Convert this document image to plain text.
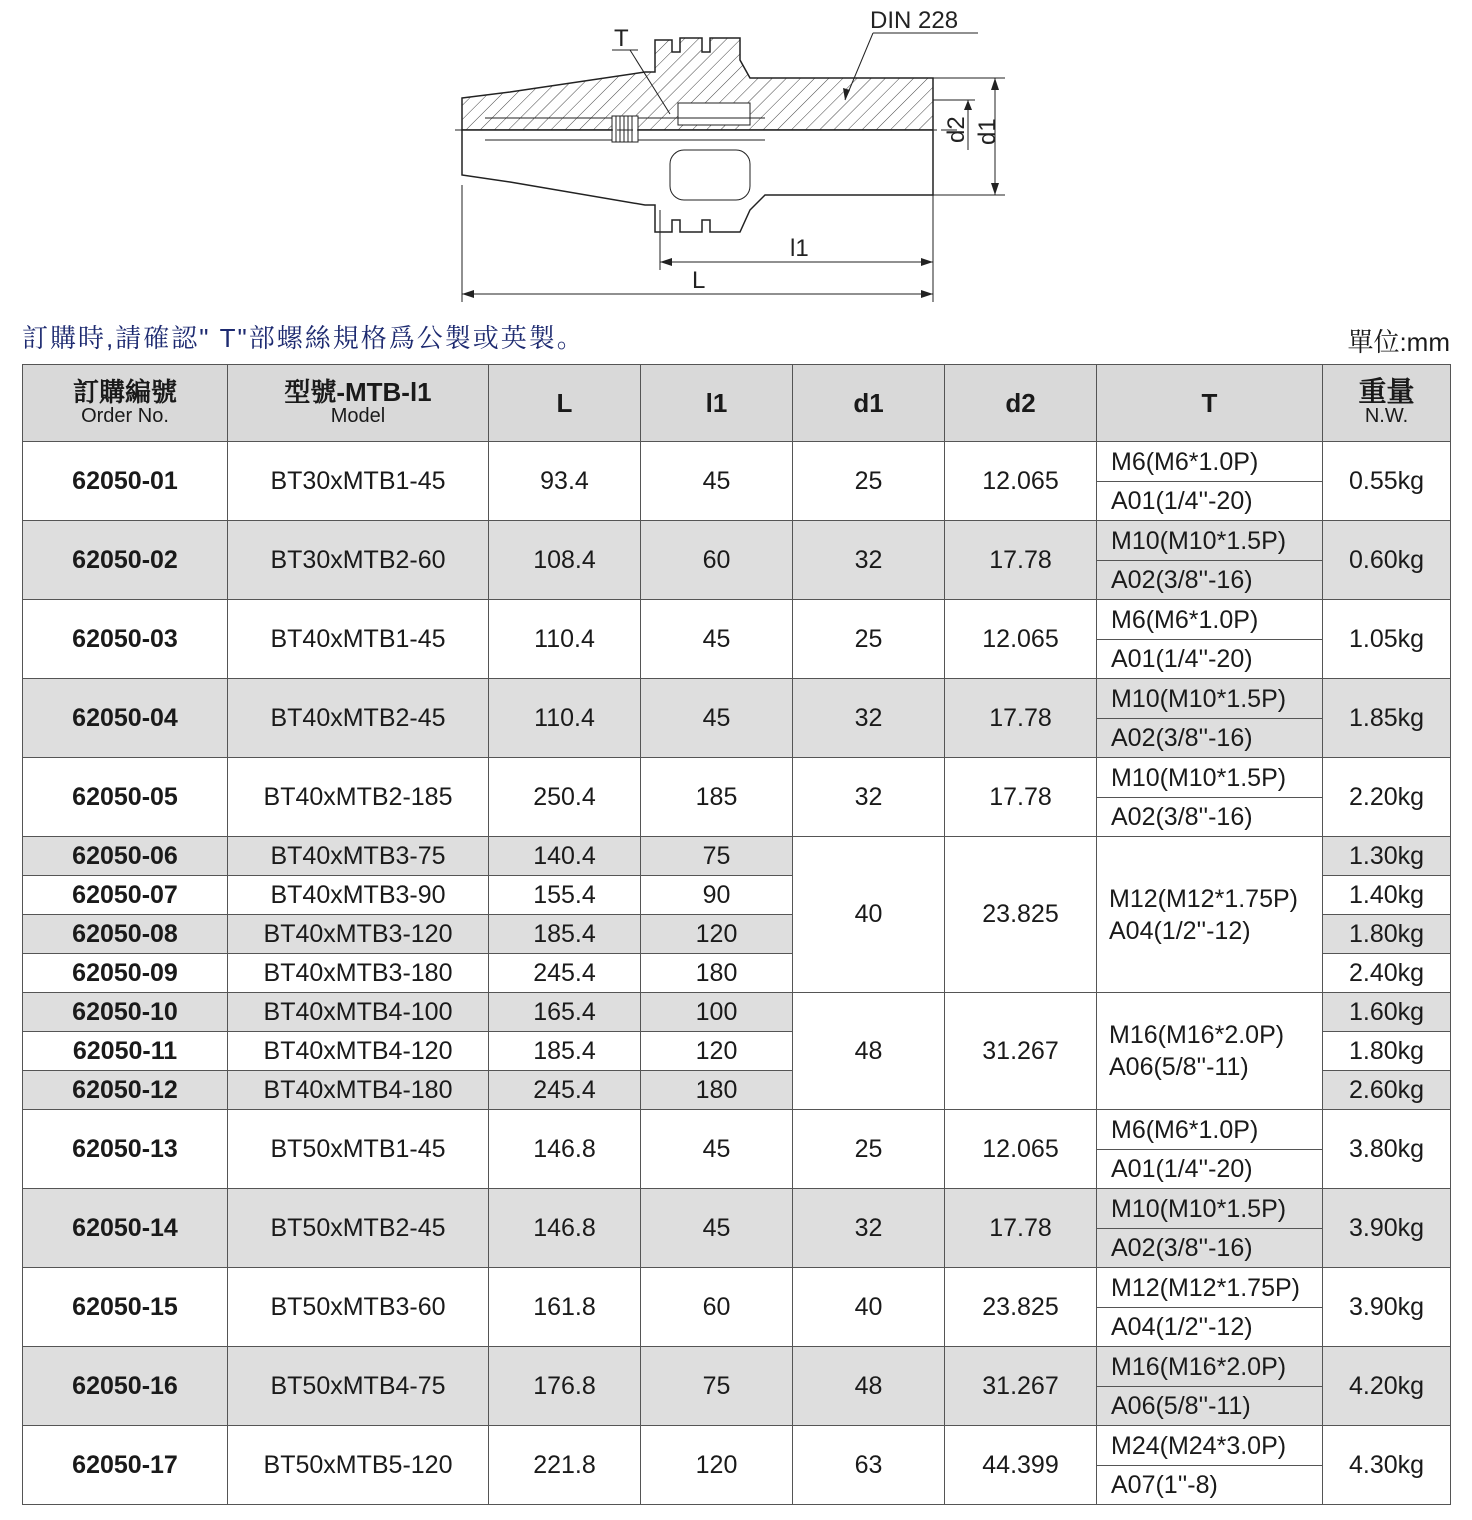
d2 d1
DIN 228
T
l1
L
訂購時,請確認" T"部螺絲規格爲公製或英製。	單位:mm
訂購編號
Order No.	型號-MTB-l1
Model	L	l1	d1	d2	T	重量
N.W.

62050-01	BT30xMTB1-45	93.4	45	25	12.065	M6(M6*1.0P)
A01(1/4''-20)	0.55kg
62050-02	BT30xMTB2-60	108.4	60	32	17.78	M10(M10*1.5P)
A02(3/8''-16)	0.60kg
62050-03	BT40xMTB1-45	110.4	45	25	12.065	M6(M6*1.0P)
A01(1/4''-20)	1.05kg
62050-04	BT40xMTB2-45	110.4	45	32	17.78	M10(M10*1.5P)
A02(3/8''-16)	1.85kg
62050-05	BT40xMTB2-185	250.4	185	32	17.78	M10(M10*1.5P)
A02(3/8''-16)	2.20kg
62050-06	BT40xMTB3-75	140.4	75	40	23.825	M12(M12*1.75P)
A04(1/2''-12)	1.30kg
62050-07	BT40xMTB3-90	155.4	90				1.40kg
62050-08	BT40xMTB3-120	185.4	120				1.80kg
62050-09	BT40xMTB3-180	245.4	180				2.40kg
62050-10	BT40xMTB4-100	165.4	100	48	31.267	M16(M16*2.0P)
A06(5/8''-11)	1.60kg
62050-11	BT40xMTB4-120	185.4	120				1.80kg
62050-12	BT40xMTB4-180	245.4	180				2.60kg
62050-13	BT50xMTB1-45	146.8	45	25	12.065	M6(M6*1.0P)
A01(1/4''-20)	3.80kg
62050-14	BT50xMTB2-45	146.8	45	32	17.78	M10(M10*1.5P)
A02(3/8''-16)	3.90kg
62050-15	BT50xMTB3-60	161.8	60	40	23.825	M12(M12*1.75P)
A04(1/2''-12)	3.90kg
62050-16	BT50xMTB4-75	176.8	75	48	31.267	M16(M16*2.0P)
A06(5/8''-11)	4.20kg
62050-17	BT50xMTB5-120	221.8	120	63	44.399	M24(M24*3.0P)
A07(1''-8)	4.30kg
